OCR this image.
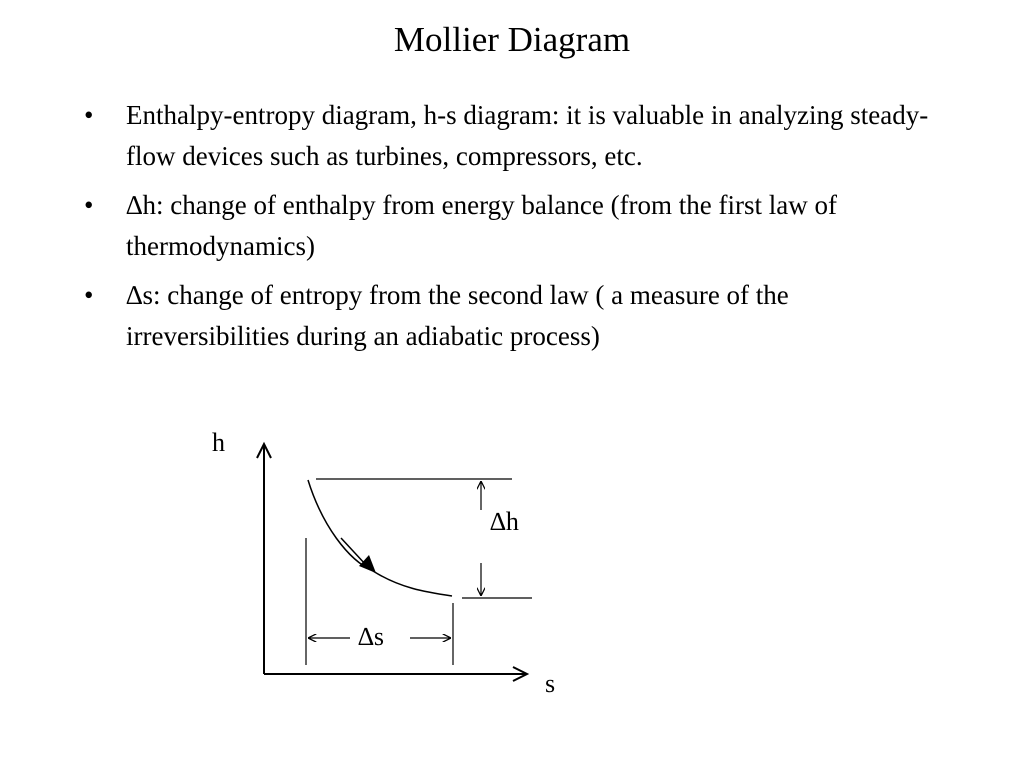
Mollier Diagram
• Enthalpy-entropy diagram, h-s diagram: it is valuable in analyzing steady-flow devices such as turbines, compressors, etc.
• ∆h: change of enthalpy from energy balance (from the first law of thermodynamics)
• ∆s: change of entropy from the second law ( a measure of the irreversibilities during an adiabatic process)
h
s
∆h
∆s
